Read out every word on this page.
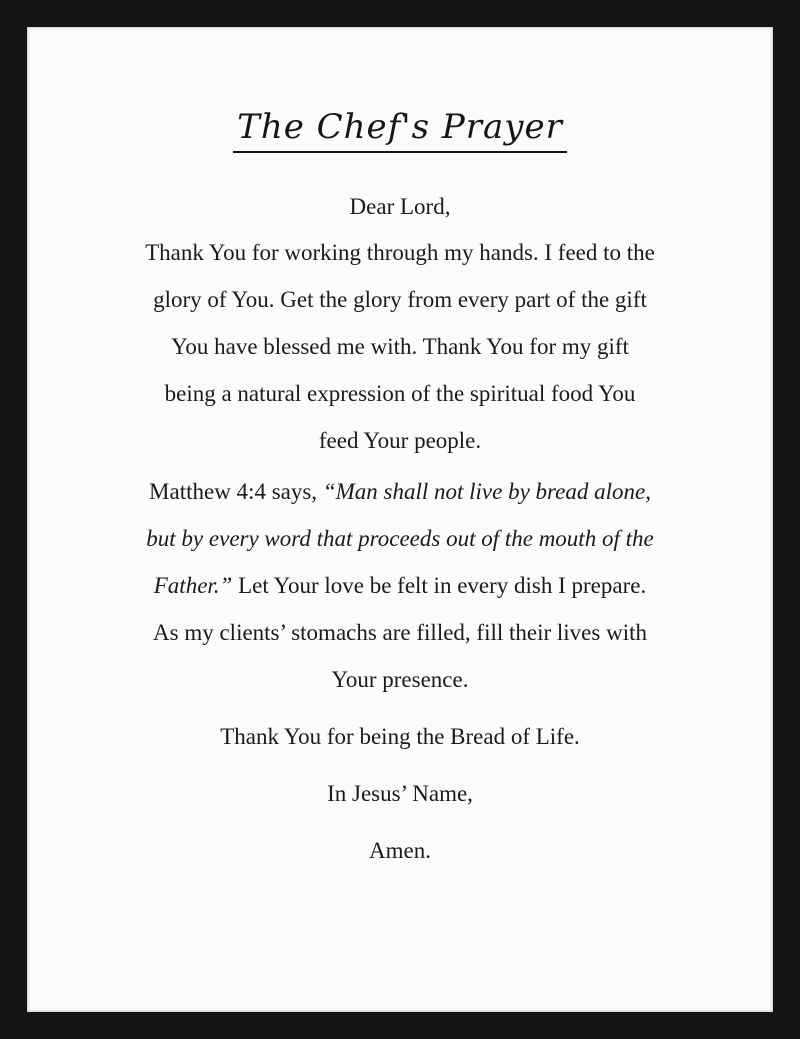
The Chef's Prayer

Dear Lord,

Thank You for working through my hands. I feed to the
glory of You. Get the glory from every part of the gift
You have blessed me with. Thank You for my gift
being a natural expression of the spiritual food You
feed Your people.

Matthew 4:4 says, “Man shall not live by bread alone,
but by every word that proceeds out of the mouth of the
Father.” Let Your love be felt in every dish I prepare.
As my clients’ stomachs are filled, fill their lives with
Your presence.

Thank You for being the Bread of Life.

In Jesus’ Name,

Amen.
